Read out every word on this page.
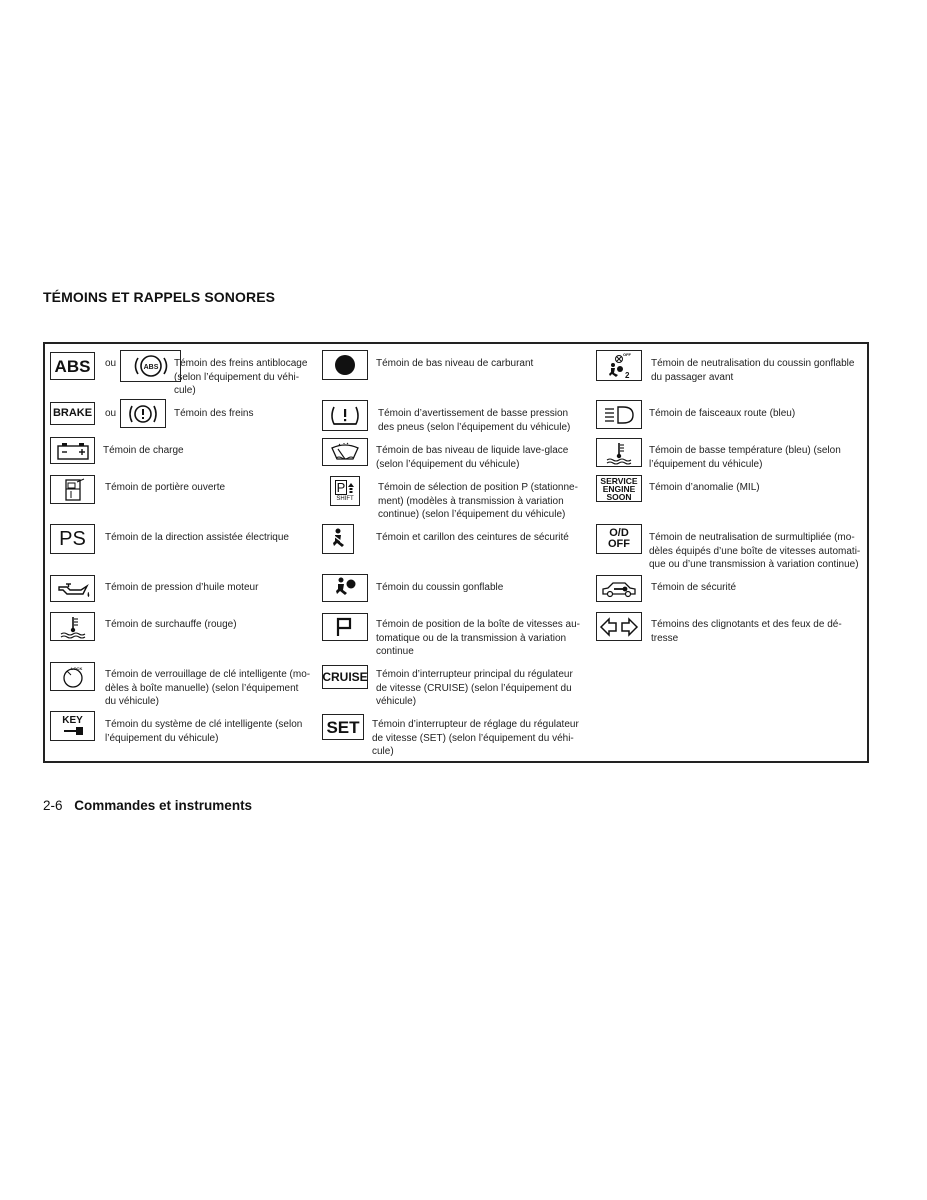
TÉMOINS ET RAPPELS SONORES
ABS ou	ABS Témoin des freins antiblocage
(selon l’équipement du véhi-
cule)
BRAKE ou	Témoin des freins
Témoin de charge
Témoin de portière ouverte
PS Témoin de la direction assistée électrique
Témoin de pression d’huile moteur
Témoin de surchauffe (rouge)
LOCK
Témoin de verrouillage de clé intelligente (mo-
dèles à boîte manuelle) (selon l’équipement
du véhicule)
KEY Témoin du système de clé intelligente (selon
l’équipement du véhicule)
Témoin de bas niveau de carburant
Témoin d’avertissement de basse pression
des pneus (selon l’équipement du véhicule)
Témoin de bas niveau de liquide lave-glace
(selon l’équipement du véhicule)
P
SHIFT
Témoin de sélection de position P (stationne-
ment) (modèles à transmission à variation
continue) (selon l’équipement du véhicule)
Témoin et carillon des ceintures de sécurité
Témoin du coussin gonflable
Témoin de position de la boîte de vitesses au-
tomatique ou de la transmission à variation
continue
CRUISE Témoin d’interrupteur principal du régulateur
de vitesse (CRUISE) (selon l’équipement du
véhicule)
SET Témoin d’interrupteur de réglage du régulateur
de vitesse (SET) (selon l’équipement du véhi-
cule)
OFF
2
Témoin de neutralisation du coussin gonflable
du passager avant
Témoin de faisceaux route (bleu)
Témoin de basse température (bleu) (selon
l’équipement du véhicule)
SERVICE
ENGINE
SOON
Témoin d’anomalie (MIL)
O/D
OFF
Témoin de neutralisation de surmultipliée (mo-
dèles équipés d’une boîte de vitesses automati-
que ou d’une transmission à variation continue)
Témoin de sécurité
Témoins des clignotants et des feux de dé-
tresse
2-6 Commandes et instruments
